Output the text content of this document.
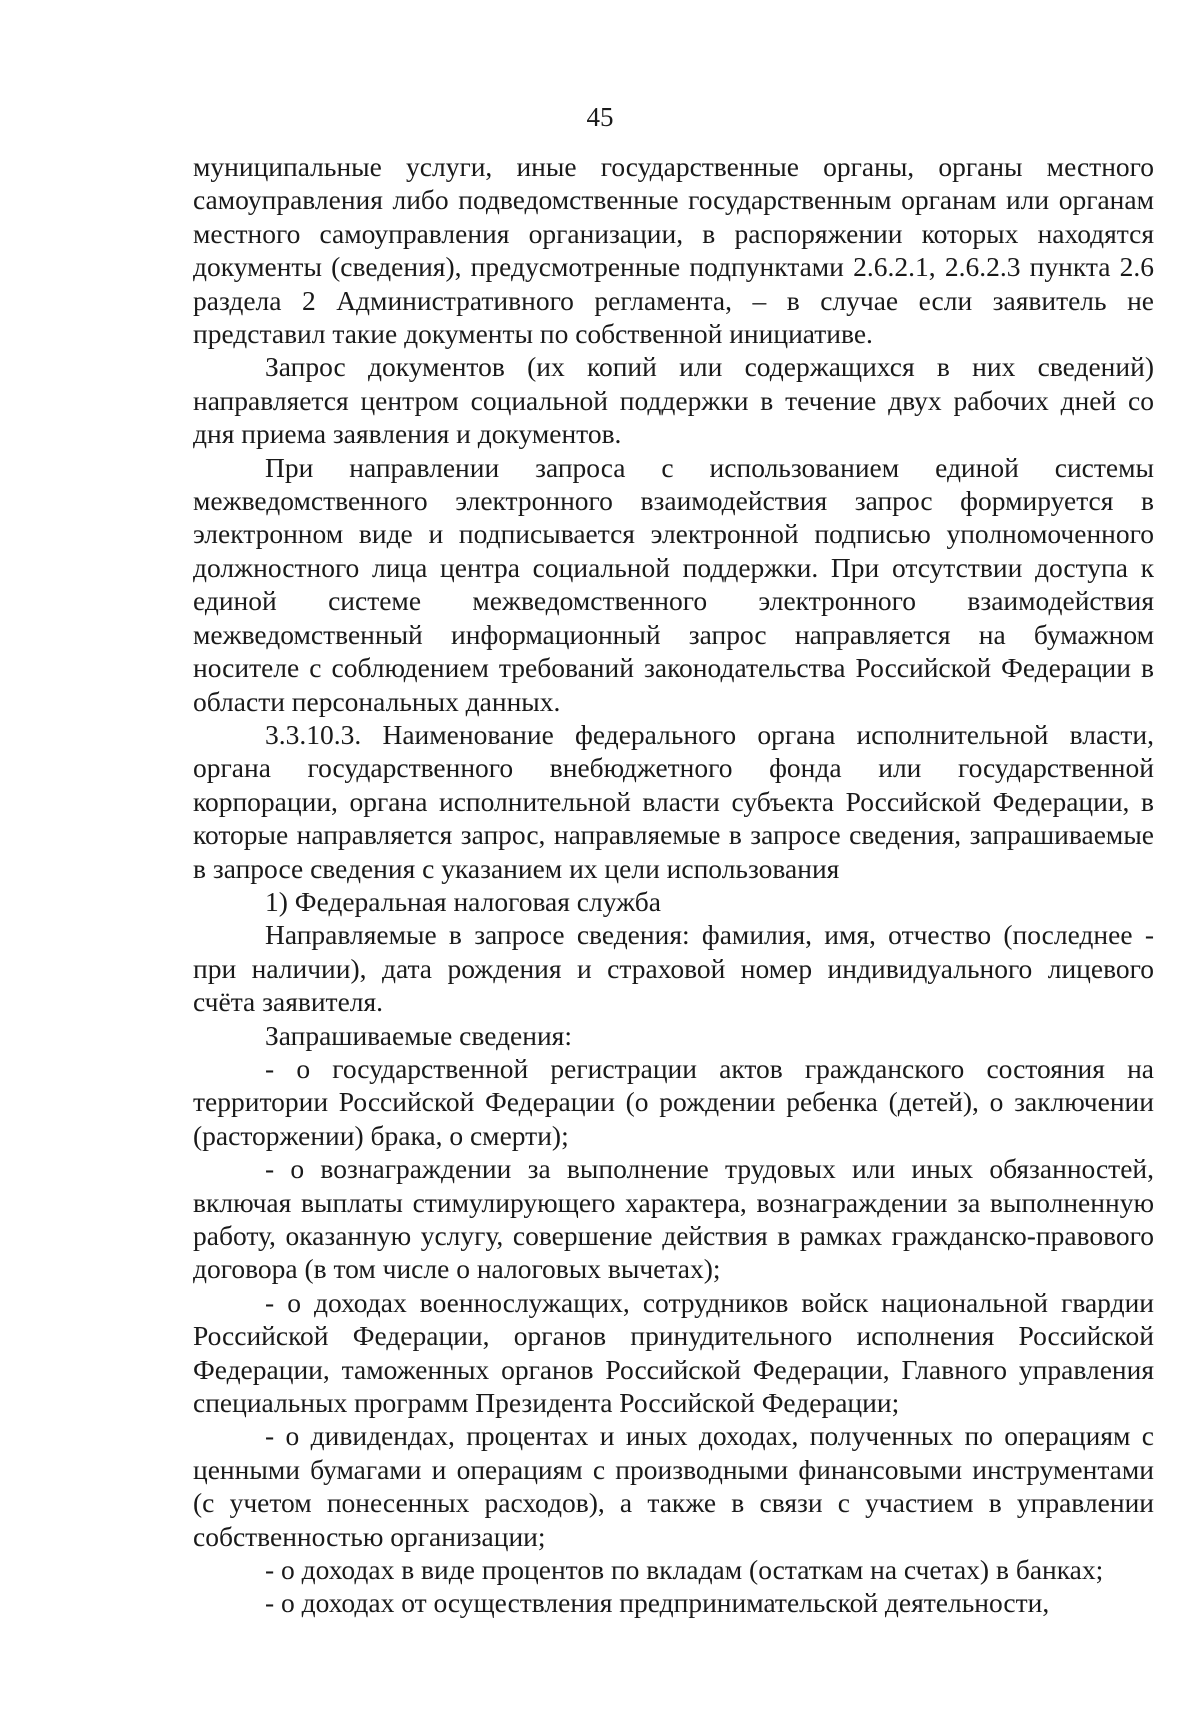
45

муниципальные услуги, иные государственные органы, органы местного самоуправления либо подведомственные государственным органам или органам местного самоуправления организации, в распоряжении которых находятся документы (сведения), предусмотренные подпунктами 2.6.2.1, 2.6.2.3 пункта 2.6 раздела 2 Административного регламента, – в случае если заявитель не представил такие документы по собственной инициативе.

Запрос документов (их копий или содержащихся в них сведений) направляется центром социальной поддержки в течение двух рабочих дней со дня приема заявления и документов.

При направлении запроса с использованием единой системы межведомственного электронного взаимодействия запрос формируется в электронном виде и подписывается электронной подписью уполномоченного должностного лица центра социальной поддержки. При отсутствии доступа к единой системе межведомственного электронного взаимодействия межведомственный информационный запрос направляется на бумажном носителе с соблюдением требований законодательства Российской Федерации в области персональных данных.

3.3.10.3. Наименование федерального органа исполнительной власти, органа государственного внебюджетного фонда или государственной корпорации, органа исполнительной власти субъекта Российской Федерации, в которые направляется запрос, направляемые в запросе сведения, запрашиваемые в запросе сведения с указанием их цели использования

1) Федеральная налоговая служба

Направляемые в запросе сведения: фамилия, имя, отчество (последнее - при наличии), дата рождения и страховой номер индивидуального лицевого счёта заявителя.

Запрашиваемые сведения:

- о государственной регистрации актов гражданского состояния на территории Российской Федерации (о рождении ребенка (детей), о заключении (расторжении) брака, о смерти);

- о вознаграждении за выполнение трудовых или иных обязанностей, включая выплаты стимулирующего характера, вознаграждении за выполненную работу, оказанную услугу, совершение действия в рамках гражданско-правового договора (в том числе о налоговых вычетах);

- о доходах военнослужащих, сотрудников войск национальной гвардии Российской Федерации, органов принудительного исполнения Российской Федерации, таможенных органов Российской Федерации, Главного управления специальных программ Президента Российской Федерации;

- о дивидендах, процентах и иных доходах, полученных по операциям с ценными бумагами и операциям с производными финансовыми инструментами (с учетом понесенных расходов), а также в связи с участием в управлении собственностью организации;

- о доходах в виде процентов по вкладам (остаткам на счетах) в банках;

- о доходах от осуществления предпринимательской деятельности,
